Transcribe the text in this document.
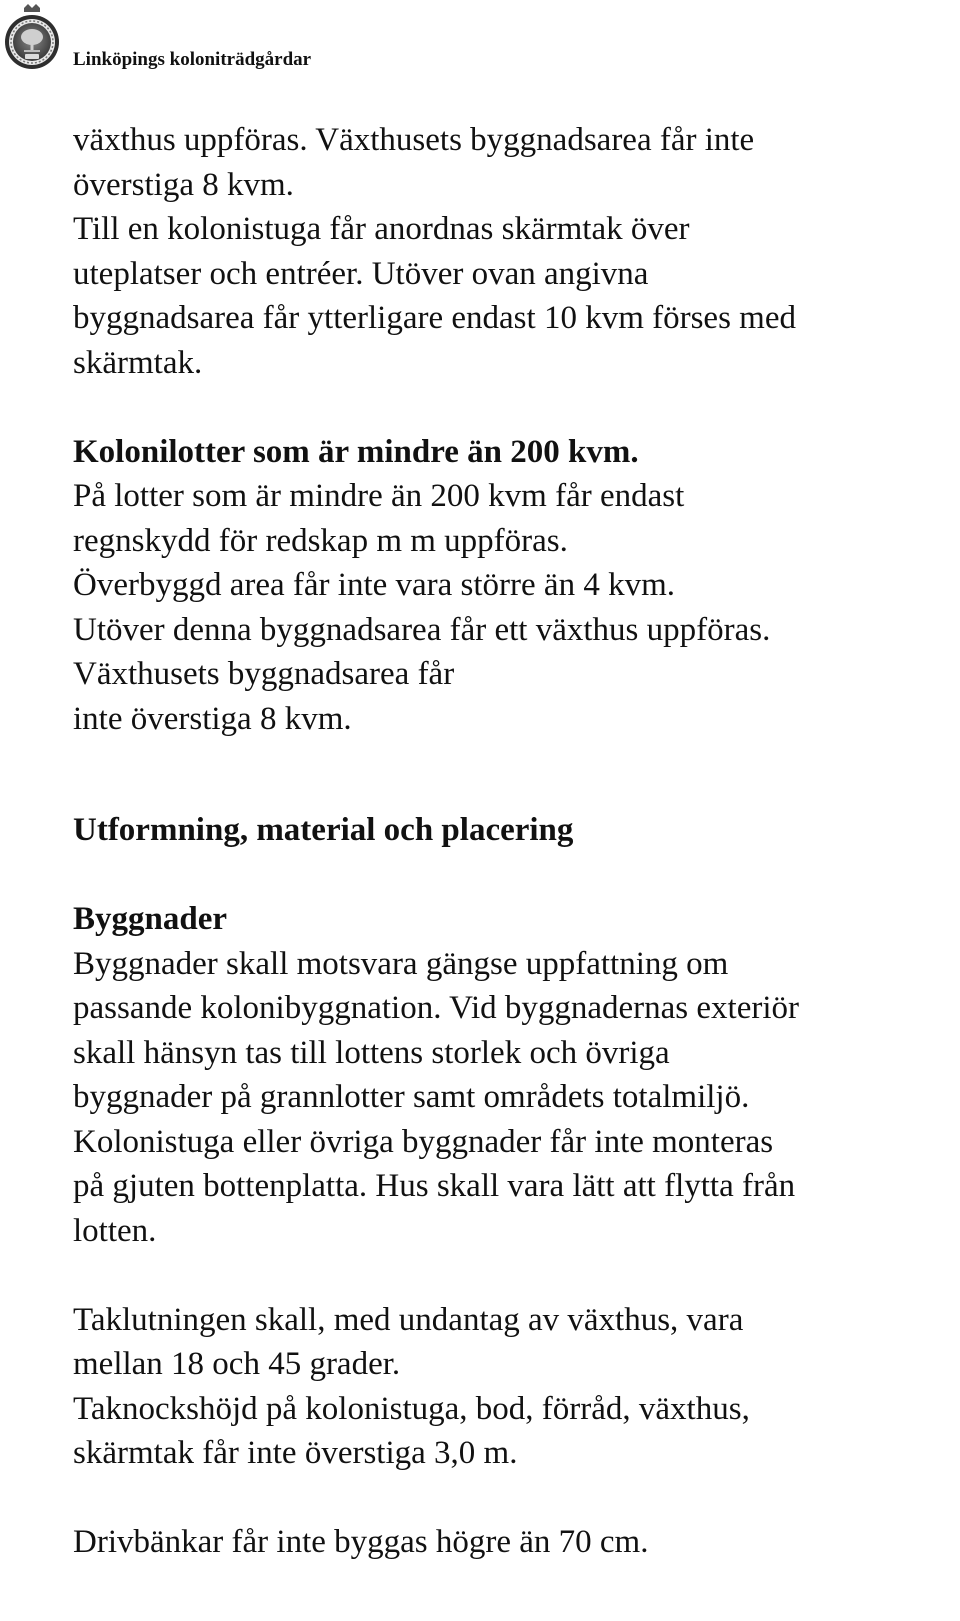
Linköpings koloniträdgårdar

växthus uppföras. Växthusets byggnadsarea får inte

överstiga 8 kvm.

Till en kolonistuga får anordnas skärmtak över

uteplatser och entréer. Utöver ovan angivna

byggnadsarea får ytterligare endast 10 kvm förses med

skärmtak.

Kolonilotter som är mindre än 200 kvm.

På lotter som är mindre än 200 kvm får endast

regnskydd för redskap m m uppföras.

Överbyggd area får inte vara större än 4 kvm.

Utöver denna byggnadsarea får ett växthus uppföras.

Växthusets byggnadsarea får

inte överstiga 8 kvm.

Utformning, material och placering

Byggnader

Byggnader skall motsvara gängse uppfattning om

passande kolonibyggnation. Vid byggnadernas exteriör

skall hänsyn tas till lottens storlek och övriga

byggnader på grannlotter samt områdets totalmiljö.

Kolonistuga eller övriga byggnader får inte monteras

på gjuten bottenplatta. Hus skall vara lätt att flytta från

lotten.

Taklutningen skall, med undantag av växthus, vara

mellan 18 och 45 grader.

Taknockshöjd på kolonistuga, bod, förråd, växthus,

skärmtak får inte överstiga 3,0 m.

Drivbänkar får inte byggas högre än 70 cm.
